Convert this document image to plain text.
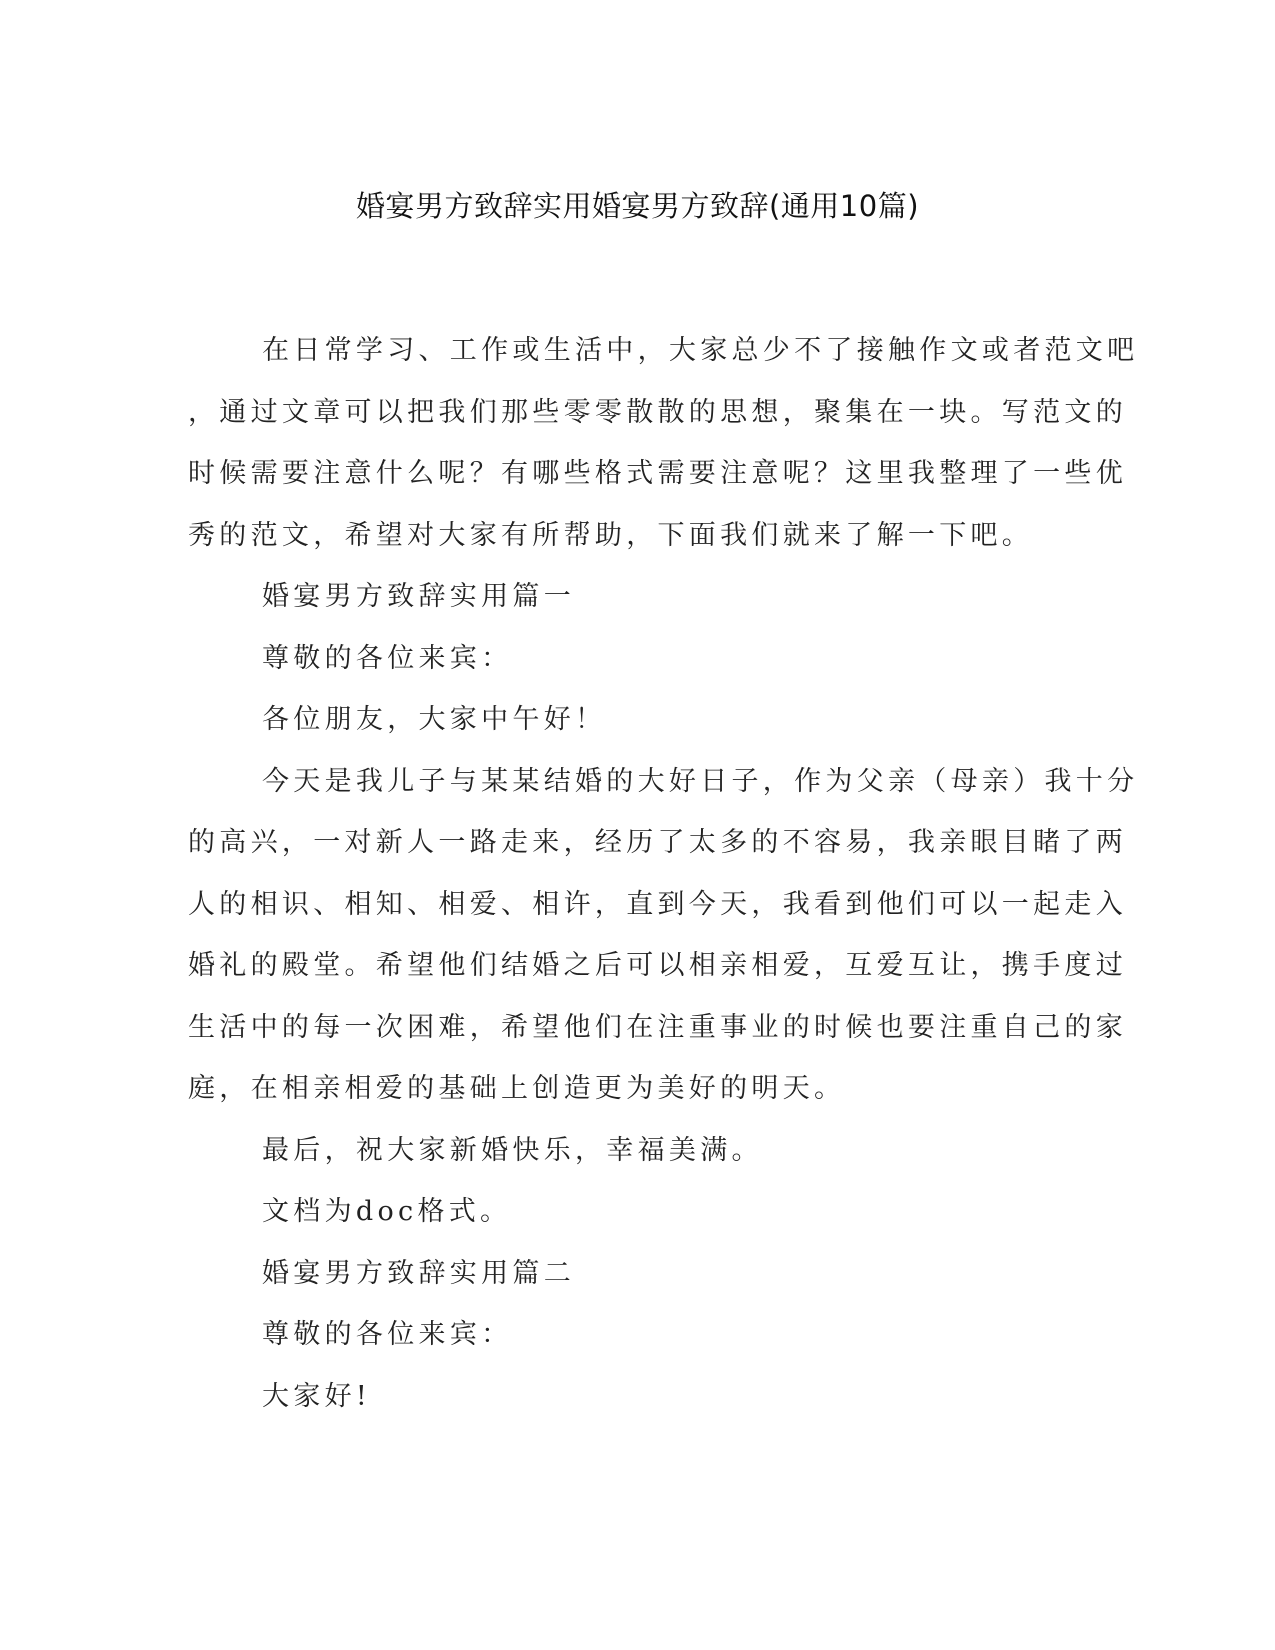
婚宴男方致辞实用婚宴男方致辞(通用10篇)
在日常学习、工作或生活中，大家总少不了接触作文或者范文吧
，通过文章可以把我们那些零零散散的思想，聚集在一块。写范文的
时候需要注意什么呢？有哪些格式需要注意呢？这里我整理了一些优
秀的范文，希望对大家有所帮助，下面我们就来了解一下吧。
婚宴男方致辞实用篇一
尊敬的各位来宾：
各位朋友，大家中午好！
今天是我儿子与某某结婚的大好日子，作为父亲（母亲）我十分
的高兴，一对新人一路走来，经历了太多的不容易，我亲眼目睹了两
人的相识、相知、相爱、相许，直到今天，我看到他们可以一起走入
婚礼的殿堂。希望他们结婚之后可以相亲相爱，互爱互让，携手度过
生活中的每一次困难，希望他们在注重事业的时候也要注重自己的家
庭，在相亲相爱的基础上创造更为美好的明天。
最后，祝大家新婚快乐，幸福美满。
文档为doc格式。
婚宴男方致辞实用篇二
尊敬的各位来宾：
大家好!
